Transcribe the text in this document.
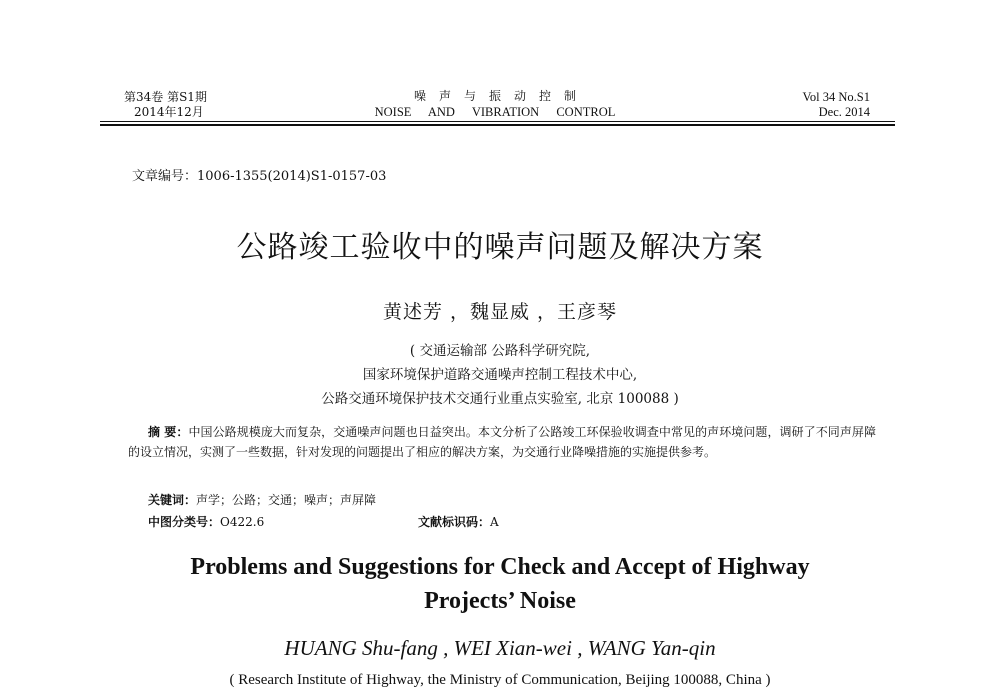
第34卷 第S1期
2014年12月
噪声与振动控制
NOISE AND VIBRATION CONTROL
Vol 34 No.S1
Dec. 2014
文章编号：1006-1355(2014)S1-0157-03
公路竣工验收中的噪声问题及解决方案
黄述芳 ，魏显威 ，王彦琴
( 交通运输部 公路科学研究院,
国家环境保护道路交通噪声控制工程技术中心,
公路交通环境保护技术交通行业重点实验室, 北京 100088 )
摘 要：中国公路规模庞大而复杂，交通噪声问题也日益突出。本文分析了公路竣工环保验收调查中常见的声环境问题，调研了不同声屏障的设立情况，实测了一些数据，针对发现的问题提出了相应的解决方案，为交通行业降噪措施的实施提供参考。
关键词：声学；公路；交通；噪声；声屏障
中图分类号：O422.6	文献标识码：A
Problems and Suggestions for Check and Accept of Highway
Projects’ Noise
HUANG Shu-fang , WEI Xian-wei , WANG Yan-qin
( Research Institute of Highway, the Ministry of Communication, Beijing 100088, China )
